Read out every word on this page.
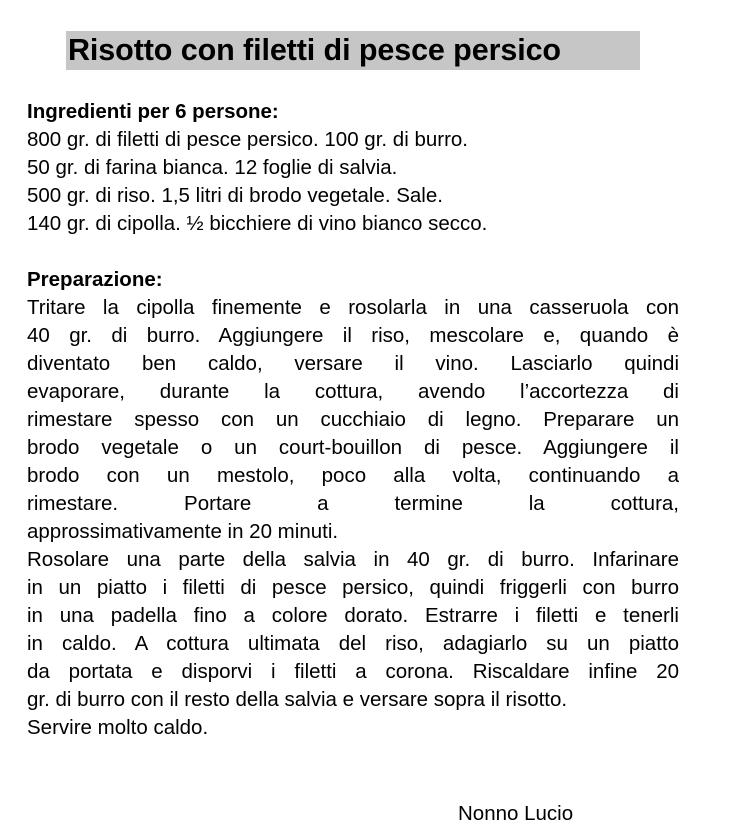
Risotto con filetti di pesce persico
Ingredienti per 6 persone:
800 gr. di filetti di pesce persico. 100 gr. di burro.
50 gr. di farina bianca. 12 foglie di salvia.
500 gr. di riso. 1,5 litri di brodo vegetale. Sale.
140 gr. di cipolla. ½ bicchiere di vino bianco secco.
Preparazione:
Tritare la cipolla finemente e rosolarla in una casseruola con
40 gr. di burro. Aggiungere il riso, mescolare e, quando è
diventato ben caldo, versare il vino. Lasciarlo quindi
evaporare, durante la cottura, avendo l’accortezza di
rimestare spesso con un cucchiaio di legno. Preparare un
brodo vegetale o un court-bouillon di pesce. Aggiungere il
brodo con un mestolo, poco alla volta, continuando a
rimestare. Portare a termine la cottura,
approssimativamente in 20 minuti.
Rosolare una parte della salvia in 40 gr. di burro. Infarinare
in un piatto i filetti di pesce persico, quindi friggerli con burro
in una padella fino a colore dorato. Estrarre i filetti e tenerli
in caldo. A cottura ultimata del riso, adagiarlo su un piatto
da portata e disporvi i filetti a corona. Riscaldare infine 20
gr. di burro con il resto della salvia e versare sopra il risotto.
Servire molto caldo.
Nonno Lucio
